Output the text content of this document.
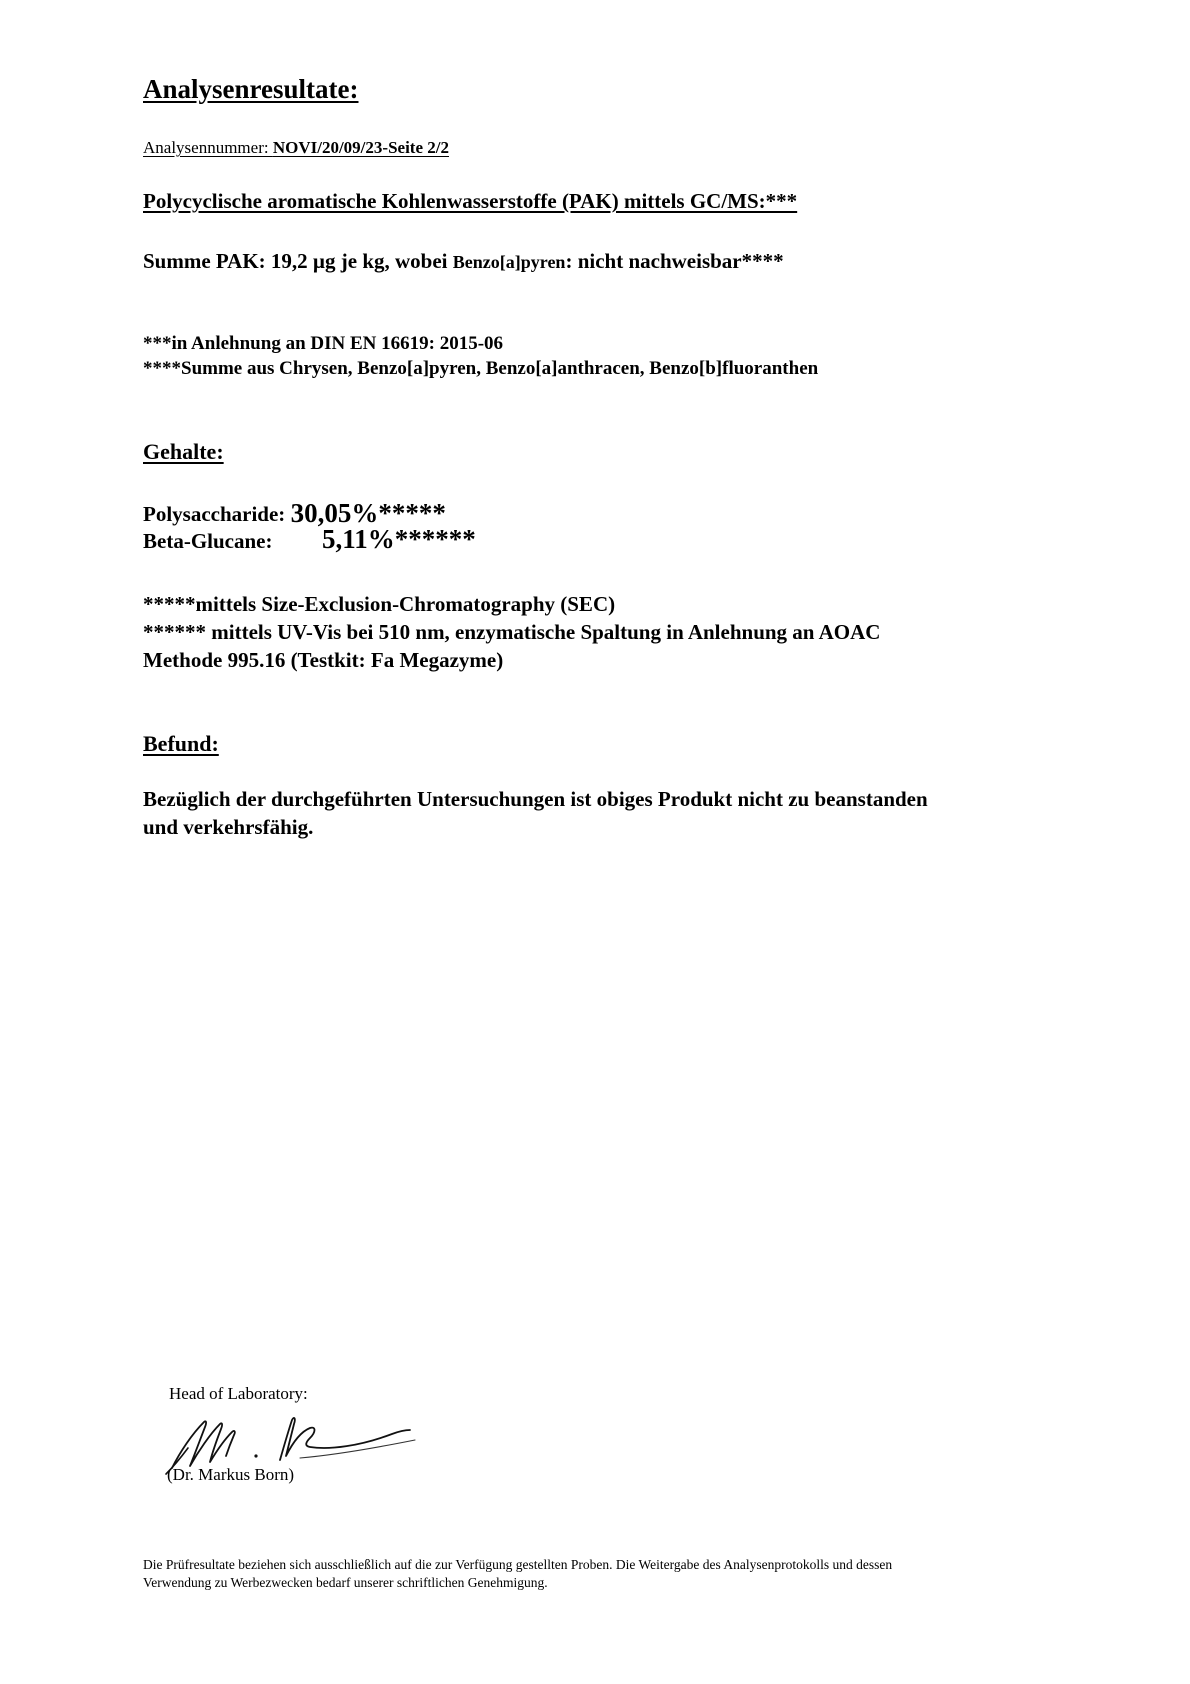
Analysenresultate:
Analysennummer: NOVI/20/09/23-Seite 2/2
Polycyclische aromatische Kohlenwasserstoffe (PAK) mittels GC/MS:***
Summe PAK: 19,2 µg je kg, wobei Benzo[a]pyren: nicht nachweisbar****
***in Anlehnung an DIN EN 16619: 2015-06
****Summe aus Chrysen, Benzo[a]pyren, Benzo[a]anthracen, Benzo[b]fluoranthen
Gehalte:
Polysaccharide: 30,05%*****
Beta-Glucane: 5,11%******
*****mittels Size-Exclusion-Chromatography (SEC)
****** mittels UV-Vis bei 510 nm, enzymatische Spaltung in Anlehnung an AOAC
Methode 995.16 (Testkit: Fa Megazyme)
Befund:
Bezüglich der durchgeführten Untersuchungen ist obiges Produkt nicht zu beanstanden
und verkehrsfähig.
Head of Laboratory:
(Dr. Markus Born)
Die Prüfresultate beziehen sich ausschließlich auf die zur Verfügung gestellten Proben. Die Weitergabe des Analysenprotokolls und dessen
Verwendung zu Werbezwecken bedarf unserer schriftlichen Genehmigung.
